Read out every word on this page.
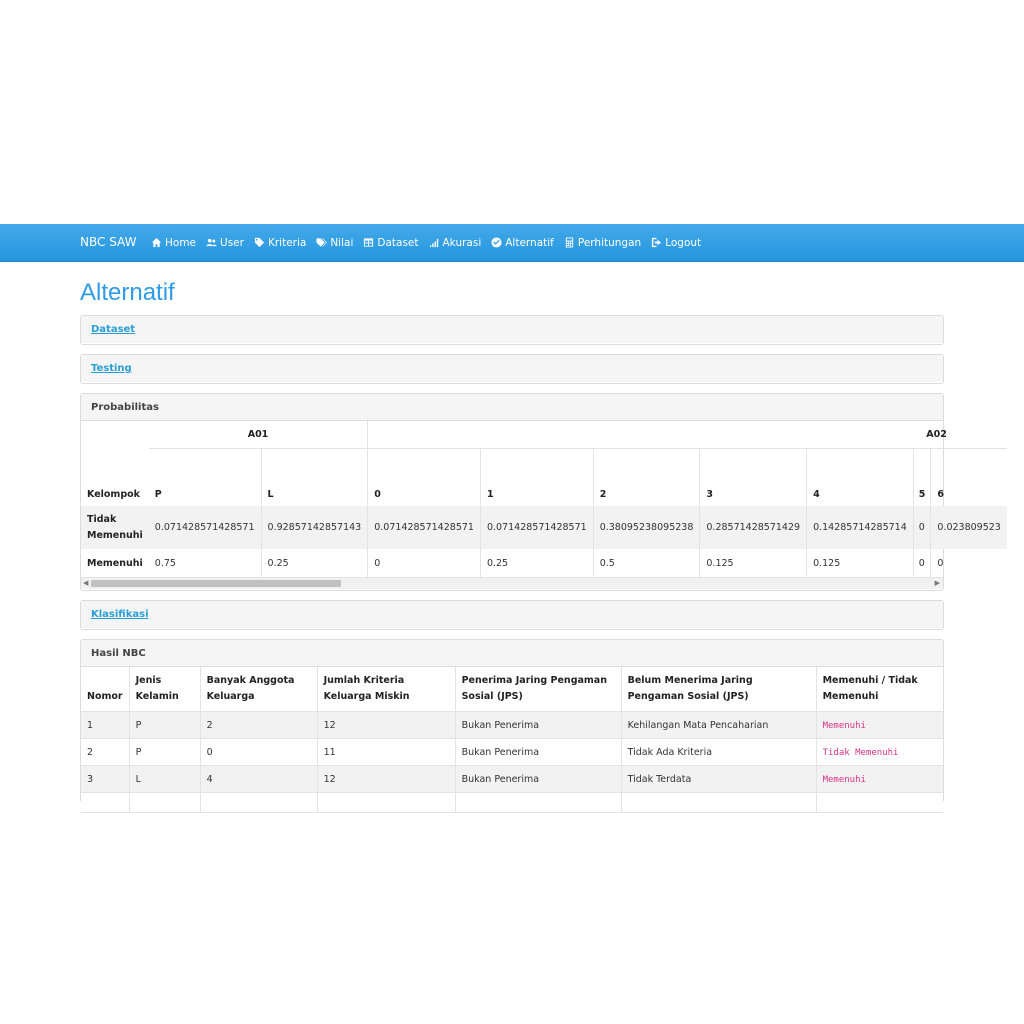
NBC SAW	Home User Kriteria Nilai Dataset Akurasi Alternatif Perhitungan Logout
Alternatif
Dataset
Testing
Probabilitas
	A01		A02						
Kelompok	P	L	0	1	2	3	4	5	6
Tidak Memenuhi	0.071428571428571	0.92857142857143	0.071428571428571	0.071428571428571	0.38095238095238	0.28571428571429	0.14285714285714	0	0.023809523
Memenuhi	0.75	0.25	0	0.25	0.5	0.125	0.125	0	0
◀	▶
Klasifikasi
Hasil NBC
Nomor	Jenis Kelamin	Banyak Anggota Keluarga	Jumlah Kriteria Keluarga Miskin	Penerima Jaring Pengaman Sosial (JPS)	Belum Menerima Jaring Pengaman Sosial (JPS)	Memenuhi / Tidak Memenuhi
1	P	2	12	Bukan Penerima	Kehilangan Mata Pencaharian	Memenuhi
2	P	0	11	Bukan Penerima	Tidak Ada Kriteria	Tidak Memenuhi
3	L	4	12	Bukan Penerima	Tidak Terdata	Memenuhi
